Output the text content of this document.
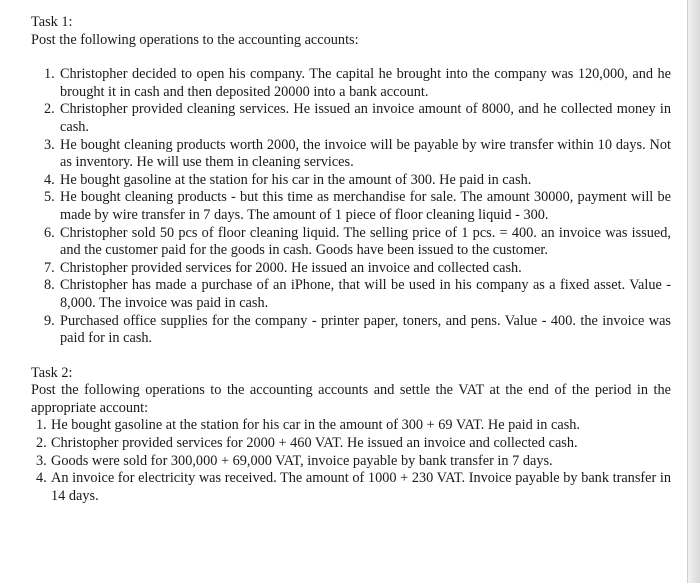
Task 1:

Post the following operations to the accounting accounts:

1. Christopher decided to open his company. The capital he brought into the company was 120,000, and he brought it in cash and then deposited 20000 into a bank account.
2. Christopher provided cleaning services. He issued an invoice amount of 8000, and he collected money in cash.
3. He bought cleaning products worth 2000, the invoice will be payable by wire transfer within 10 days. Not as inventory. He will use them in cleaning services.
4. He bought gasoline at the station for his car in the amount of 300. He paid in cash.
5. He bought cleaning products - but this time as merchandise for sale. The amount 30000, payment will be made by wire transfer in 7 days. The amount of 1 piece of floor cleaning liquid - 300.
6. Christopher sold 50 pcs of floor cleaning liquid. The selling price of 1 pcs. = 400. an invoice was issued, and the customer paid for the goods in cash. Goods have been issued to the customer.
7. Christopher provided services for 2000. He issued an invoice and collected cash.
8. Christopher has made a purchase of an iPhone, that will be used in his company as a fixed asset. Value - 8,000. The invoice was paid in cash.
9. Purchased office supplies for the company - printer paper, toners, and pens. Value - 400. the invoice was paid for in cash.

Task 2:

Post the following operations to the accounting accounts and settle the VAT at the end of the period in the appropriate account:

1. He bought gasoline at the station for his car in the amount of 300 + 69 VAT. He paid in cash.
2. Christopher provided services for 2000 + 460 VAT. He issued an invoice and collected cash.
3. Goods were sold for 300,000 + 69,000 VAT, invoice payable by bank transfer in 7 days.
4. An invoice for electricity was received. The amount of 1000 + 230 VAT. Invoice payable by bank transfer in 14 days.
